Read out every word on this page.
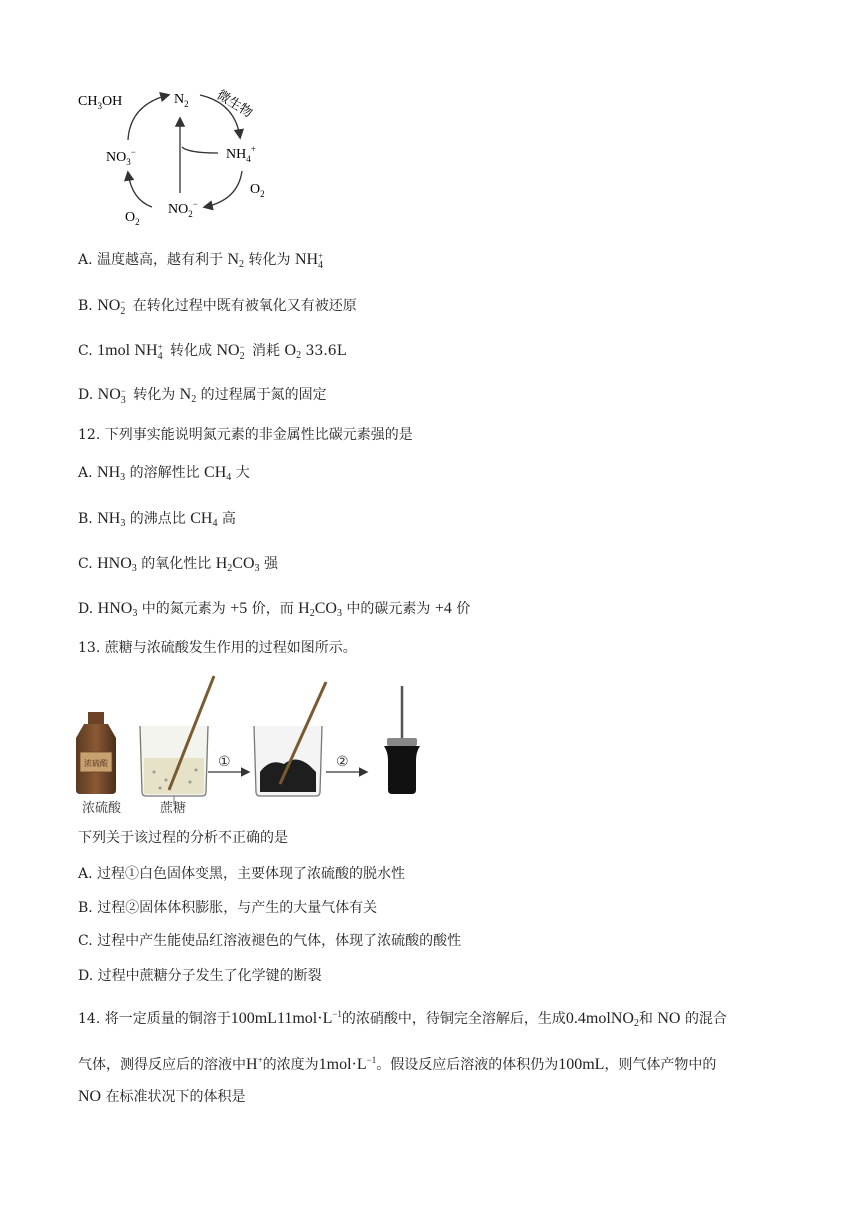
$CH_3OH$	$N_2$ 微生物
$NH_4^+$
$O_2$
$NO_2^-$
$O_2$
$NO_3^-$
A. 温度越高，越有利于 $N_2$ 转化为 NH +
4
B. NO −
2 在转化过程中既有被氧化又有被还原
C. 1mol NH +
4 转化成 NO −
2 消耗 $O_2$ 33.6L
D. NO −
3 转化为 $N_2$ 的过程属于氮的固定
12. 下列事实能说明氮元素的非金属性比碳元素强的是
A. $NH_3$ 的溶解性比 $CH_4$ 大
B. $NH_3$ 的沸点比 $CH_4$ 高
C. $HNO_3$ 的氧化性比 $H_2CO_3$ 强
D. $HNO_3$ 中的氮元素为 +5 价，而 $H_2CO_3$ 中的碳元素为 +4 价
13. 蔗糖与浓硫酸发生作用的过程如图所示。
浓硫酸
浓硫酸	蔗糖
①	②
下列关于该过程的分析不正确的是
A. 过程①白色固体变黑，主要体现了浓硫酸的脱水性
B. 过程②固体体积膨胀，与产生的大量气体有关
C. 过程中产生能使品红溶液褪色的气体，体现了浓硫酸的酸性
D. 过程中蔗糖分子发生了化学键的断裂
14. 将一定质量的铜溶于$100mL11mol\cdot L^{-1}$的浓硝酸中，待铜完全溶解后，生成0.4molNO$_2$和 NO 的混合
气体，测得反应后的溶液中H+的浓度为$1mol\cdot L^{-1}$。假设反应后溶液的体积仍为100mL，则气体产物中的
NO 在标准状况下的体积是
